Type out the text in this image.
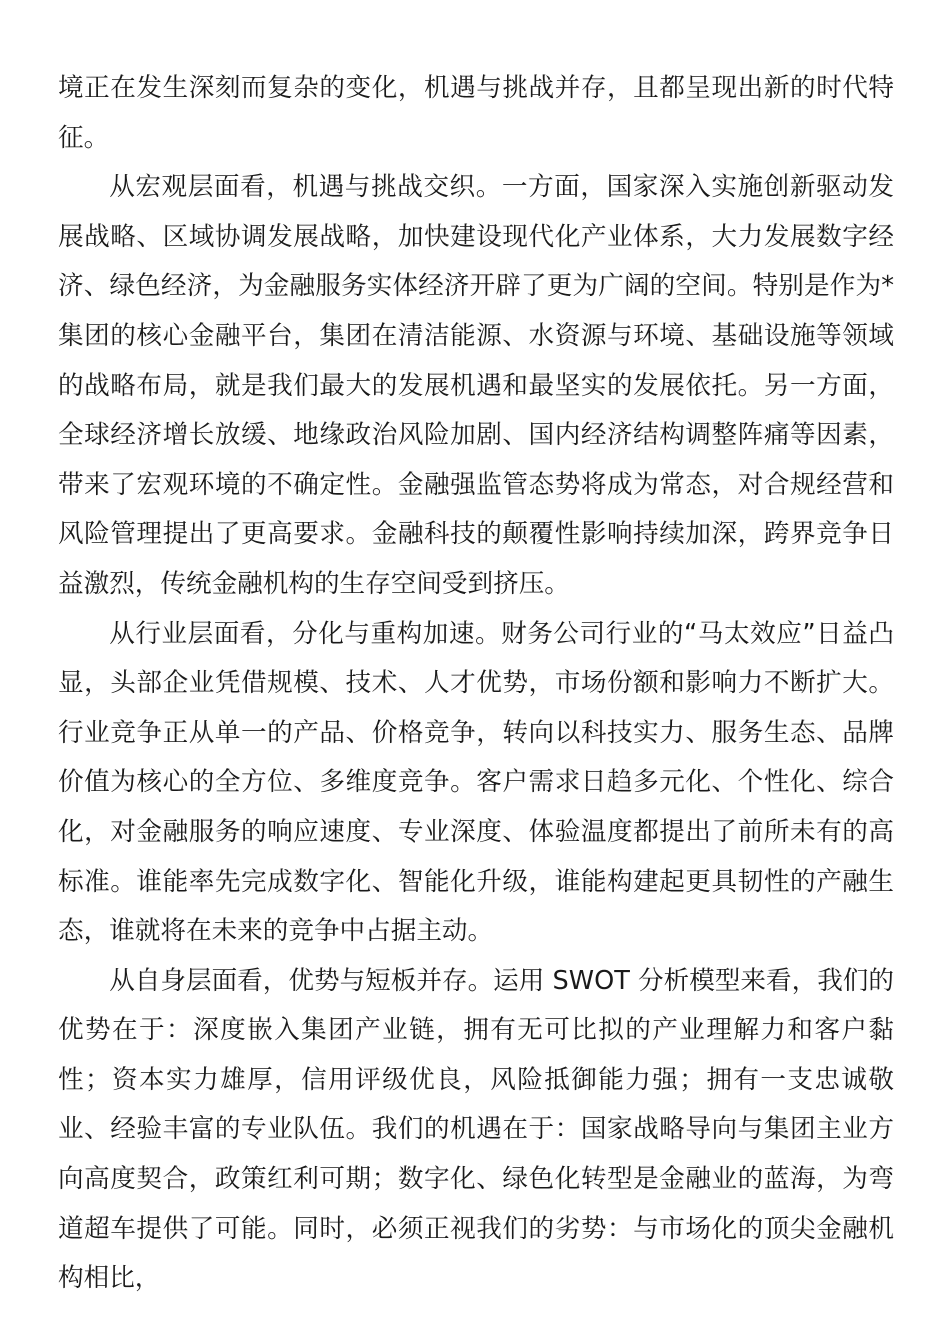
境正在发生深刻而复杂的变化，机遇与挑战并存，且都呈现出新的时代特征。

从宏观层面看，机遇与挑战交织。一方面，国家深入实施创新驱动发展战略、区域协调发展战略，加快建设现代化产业体系，大力发展数字经济、绿色经济，为金融服务实体经济开辟了更为广阔的空间。特别是作为*集团的核心金融平台，集团在清洁能源、水资源与环境、基础设施等领域的战略布局，就是我们最大的发展机遇和最坚实的发展依托。另一方面，全球经济增长放缓、地缘政治风险加剧、国内经济结构调整阵痛等因素，带来了宏观环境的不确定性。金融强监管态势将成为常态，对合规经营和风险管理提出了更高要求。金融科技的颠覆性影响持续加深，跨界竞争日益激烈，传统金融机构的生存空间受到挤压。

从行业层面看，分化与重构加速。财务公司行业的“马太效应”日益凸显，头部企业凭借规模、技术、人才优势，市场份额和影响力不断扩大。行业竞争正从单一的产品、价格竞争，转向以科技实力、服务生态、品牌价值为核心的全方位、多维度竞争。客户需求日趋多元化、个性化、综合化，对金融服务的响应速度、专业深度、体验温度都提出了前所未有的高标准。谁能率先完成数字化、智能化升级，谁能构建起更具韧性的产融生态，谁就将在未来的竞争中占据主动。

从自身层面看，优势与短板并存。运用 SWOT 分析模型来看，我们的优势在于：深度嵌入集团产业链，拥有无可比拟的产业理解力和客户黏性；资本实力雄厚，信用评级优良，风险抵御能力强；拥有一支忠诚敬业、经验丰富的专业队伍。我们的机遇在于：国家战略导向与集团主业方向高度契合，政策红利可期；数字化、绿色化转型是金融业的蓝海，为弯道超车提供了可能。同时，必须正视我们的劣势：与市场化的顶尖金融机构相比，
